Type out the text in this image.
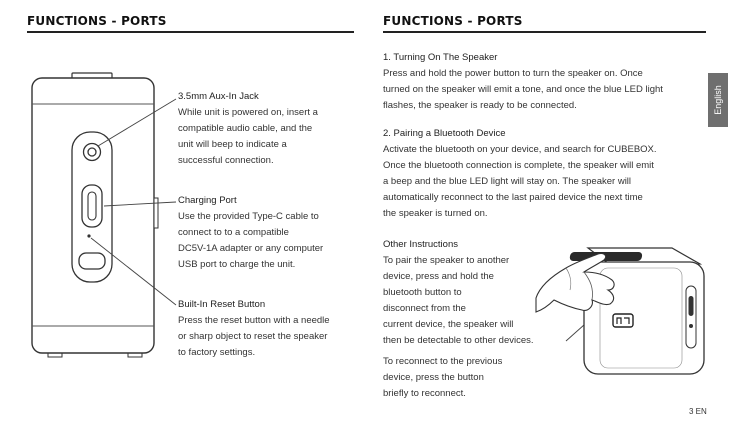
FUNCTIONS - PORTS
3.5mm Aux-In Jack
While unit is powered on, insert a
compatible audio cable, and the
unit will beep to indicate a
successful connection.
Charging Port
Use the provided Type-C cable to
connect to to a compatible
DC5V-1A adapter or any computer
USB port to charge the unit.
Built-In Reset Button
Press the reset button with a needle
or sharp object to reset the speaker
to factory settings.
FUNCTIONS - PORTS
1. Turning On The Speaker
Press and hold the power button to turn the speaker on. Once
turned on the speaker will emit a tone, and once the blue LED light
flashes, the speaker is ready to be connected.
2. Pairing a Bluetooth Device
Activate the bluetooth on your device, and search for CUBEBOX.
Once the bluetooth connection is complete, the speaker will emit
a beep and the blue LED light will stay on. The speaker will
automatically reconnect to the last paired device the next time
the speaker is turned on.
Other Instructions
To pair the speaker to another
device, press and hold the
bluetooth button to
disconnect from the
current device, the speaker will
then be detectable to other devices.
To reconnect to the previous
device, press the button
briefly to reconnect.
English
3 EN
